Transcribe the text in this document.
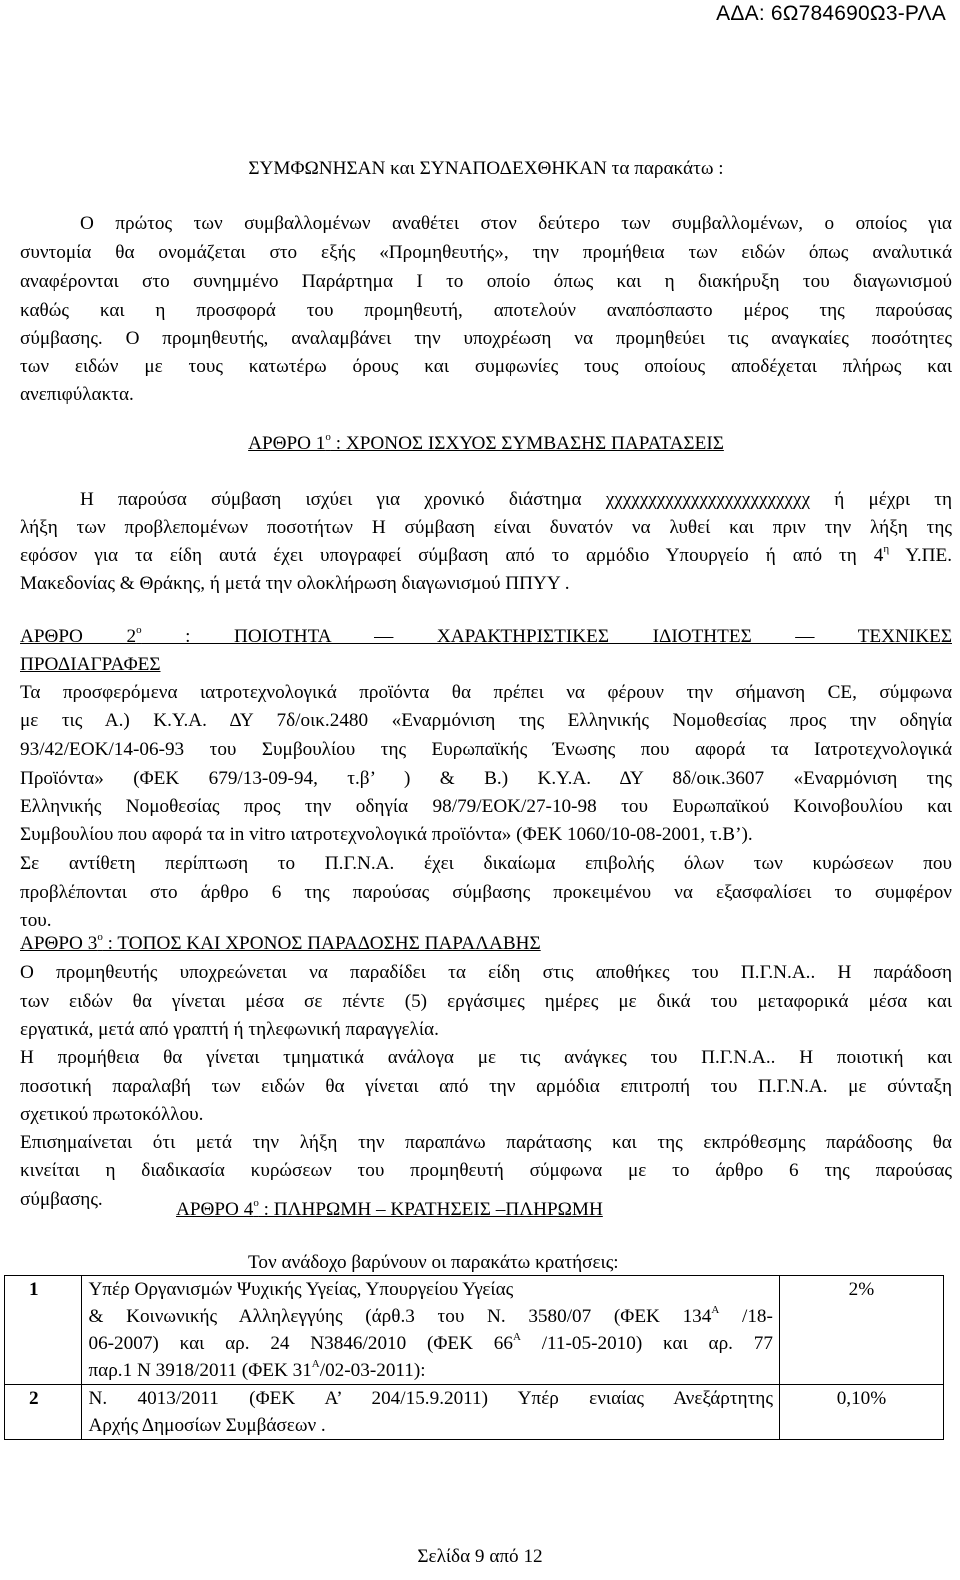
ΑΔΑ: 6Ω784690Ω3-ΡΛΑ
ΣΥΜΦΩΝΗΣΑΝ και ΣΥΝΑΠΟΔΕΧΘΗΚΑΝ τα παρακάτω :
Ο πρώτος των συμβαλλομένων αναθέτει στον δεύτερο των συμβαλλομένων, ο οποίος για
συντομία θα ονομάζεται στο εξής «Προμηθευτής», την προμήθεια των ειδών όπως αναλυτικά
αναφέρονται στο συνημμένο Παράρτημα Ι το οποίο όπως και η διακήρυξη του διαγωνισμού
καθώς και η προσφορά του προμηθευτή, αποτελούν αναπόσπαστο μέρος της παρούσας
σύμβασης. Ο προμηθευτής, αναλαμβάνει την υποχρέωση να προμηθεύει τις αναγκαίες ποσότητες
των ειδών με τους κατωτέρω όρους και συμφωνίες τους οποίους αποδέχεται πλήρως και
ανεπιφύλακτα.
ΑΡΘΡΟ $1^o$ : ΧΡΟΝΟΣ ΙΣΧΥΟΣ ΣΥΜΒΑΣΗΣ ΠΑΡΑΤΑΣΕΙΣ
Η παρούσα σύμβαση ισχύει για χρονικό διάστημα χχχχχχχχχχχχχχχχχχχχχχχχ ή μέχρι τη
λήξη των προβλεπομένων ποσοτήτων Η σύμβαση είναι δυνατόν να λυθεί και πριν την λήξη της
εφόσον για τα είδη αυτά έχει υπογραφεί σύμβαση από το αρμόδιο Υπουργείο ή από τη $4^\eta$ Υ.ΠΕ.
Μακεδονίας & Θράκης, ή μετά την ολοκλήρωση διαγωνισμού ΠΠΥΥ .
ΑΡΘΡΟ $2^o$ : ΠΟΙΟΤΗΤΑ — ΧΑΡΑΚΤΗΡΙΣΤΙΚΕΣ ΙΔΙΟΤΗΤΕΣ — ΤΕΧΝΙΚΕΣ
ΠΡΟΔΙΑΓΡΑΦΕΣ
Τα προσφερόμενα ιατροτεχνολογικά προϊόντα θα πρέπει να φέρουν την σήμανση CE, σύμφωνα
με τις Α.) Κ.Υ.Α. ΔΥ 7δ/οικ.2480 «Εναρμόνιση της Ελληνικής Νομοθεσίας προς την οδηγία
93/42/ΕΟΚ/14-06-93 του Συμβουλίου της Ευρωπαϊκής Ένωσης που αφορά τα Ιατροτεχνολογικά
Προϊόντα» (ΦΕΚ 679/13-09-94, τ.β’ ) & Β.) Κ.Υ.Α. ΔΥ 8δ/οικ.3607 «Εναρμόνιση της
Ελληνικής Νομοθεσίας προς την οδηγία 98/79/ΕΟΚ/27-10-98 του Ευρωπαϊκού Κοινοβουλίου και
Συμβουλίου που αφορά τα in vitro ιατροτεχνολογικά προϊόντα» (ΦΕΚ 1060/10-08-2001, τ.Β’).
Σε αντίθετη περίπτωση το Π.Γ.Ν.Α. έχει δικαίωμα επιβολής όλων των κυρώσεων που
προβλέπονται στο άρθρο 6 της παρούσας σύμβασης προκειμένου να εξασφαλίσει το συμφέρον
του.
ΑΡΘΡΟ $3^o$ : ΤΟΠΟΣ ΚΑΙ ΧΡΟΝΟΣ ΠΑΡΑΔΟΣΗΣ ΠΑΡΑΛΑΒΗΣ
Ο προμηθευτής υποχρεώνεται να παραδίδει τα είδη στις αποθήκες του Π.Γ.Ν.Α.. Η παράδοση
των ειδών θα γίνεται μέσα σε πέντε (5) εργάσιμες ημέρες με δικά του μεταφορικά μέσα και
εργατικά, μετά από γραπτή ή τηλεφωνική παραγγελία.
Η προμήθεια θα γίνεται τμηματικά ανάλογα με τις ανάγκες του Π.Γ.Ν.Α.. Η ποιοτική και
ποσοτική παραλαβή των ειδών θα γίνεται από την αρμόδια επιτροπή του Π.Γ.Ν.Α. με σύνταξη
σχετικού πρωτοκόλλου.
Επισημαίνεται ότι μετά την λήξη την παραπάνω παράτασης και της εκπρόθεσμης παράδοσης θα
κινείται η διαδικασία κυρώσεων του προμηθευτή σύμφωνα με το άρθρο 6 της παρούσας
σύμβασης.	ΑΡΘΡΟ $4^o$ : ΠΛΗΡΩΜΗ – ΚΡΑΤΗΣΕΙΣ –ΠΛΗΡΩΜΗ
Τον ανάδοχο βαρύνουν οι παρακάτω κρατήσεις:
1	Υπέρ Οργανισμών Ψυχικής Υγείας, Υπουργείου Υγείας
& Κοινωνικής Αλληλεγγύης (άρθ.3 του Ν. 3580/07 (ΦΕΚ $134^A$ /18-
06-2007) και αρ. 24 Ν3846/2010 (ΦΕΚ $66^A$ /11-05-2010) και αρ. 77
παρ.1 Ν 3918/2011 (ΦΕΚ $31^A/02-03-2011$):	2%
2	Ν. 4013/2011 (ΦΕΚ Α’ 204/15.9.2011) Υπέρ ενιαίας Ανεξάρτητης
Αρχής Δημοσίων Συμβάσεων .	0,10%
Σελίδα 9 από 12
